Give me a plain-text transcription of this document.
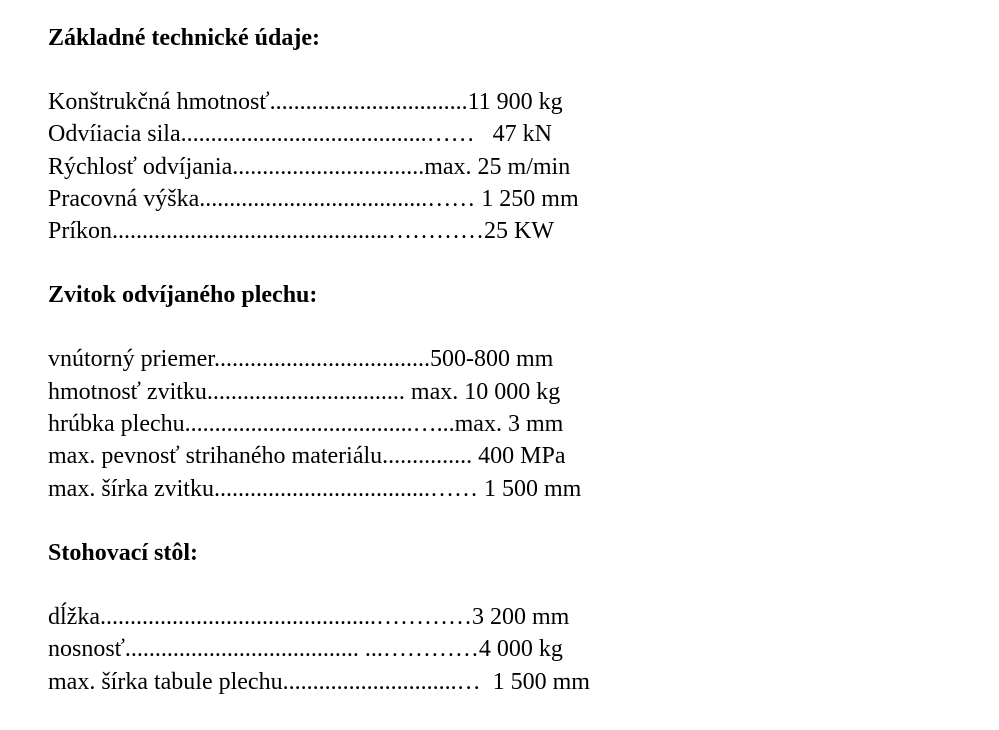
Základné technické údaje:
Konštrukčná hmotnosť.................................11 900 kg
Odvíiacia sila.........................................……   47 kN
Rýchlosť odvíjania................................max. 25 m/min
Pracovná výška......................................…… 1 250 mm
Príkon..............................................…………25 KW
Zvitok odvíjaného plechu:
vnútorný priemer....................................500-800 mm
hmotnosť zvitku................................. max. 10 000 kg
hrúbka plechu......................................…...max. 3 mm
max. pevnosť strihaného materiálu............... 400 MPa
max. šírka zvitku....................................…… 1 500 mm
Stohovací stôl:
dĺžka..............................................…………3 200 mm
nosnosť....................................... ...…………4 000 kg
max. šírka tabule plechu.............................…  1 500 mm
